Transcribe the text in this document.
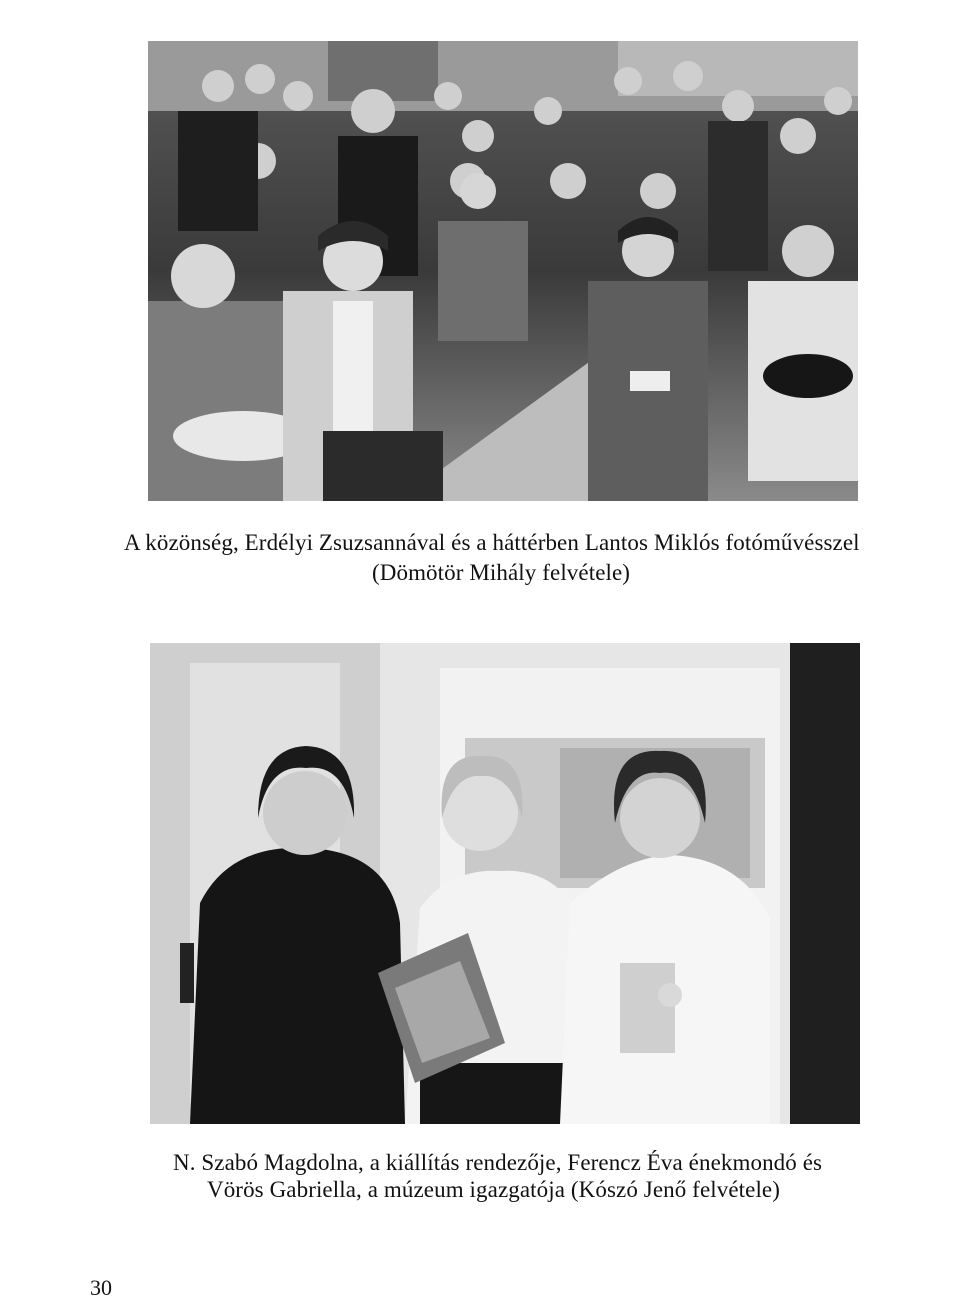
A közönség, Erdélyi Zsuzsannával és a háttérben Lantos Miklós fotóművésszel
(Dömötör Mihály felvétele)
N. Szabó Magdolna, a kiállítás rendezője, Ferencz Éva énekmondó és
Vörös Gabriella, a múzeum igazgatója (Kószó Jenő felvétele)
30
